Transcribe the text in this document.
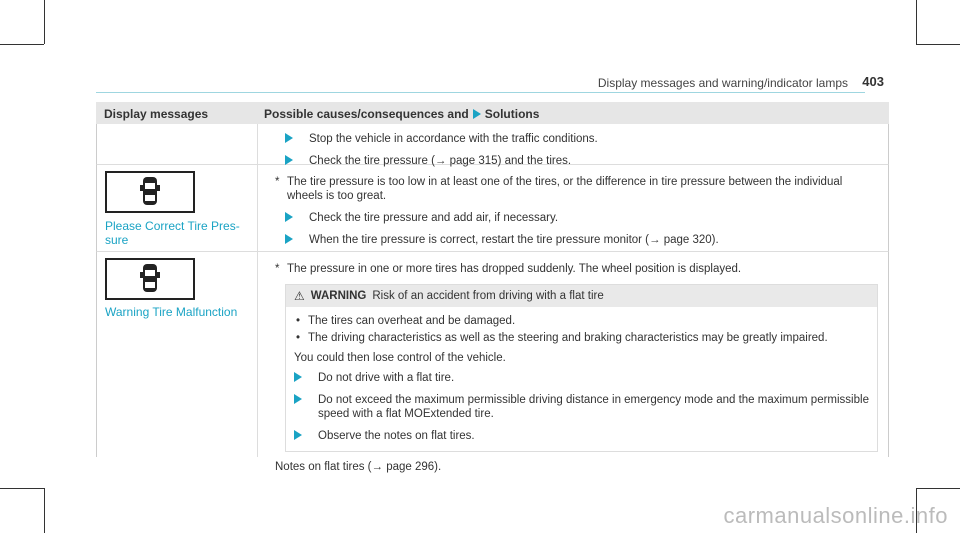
Display messages and warning/indicator lamps 403
Display messages	Possible causes/consequences and Solutions
Stop the vehicle in accordance with the traffic conditions.
Check the tire pressure (→ page 315) and the tires.
Please Correct Tire Pres-
sure
* The tire pressure is too low in at least one of the tires, or the difference in tire pressure between the individual wheels is too great.
Check the tire pressure and add air, if necessary.
When the tire pressure is correct, restart the tire pressure monitor (→ page 320).
Warning Tire Malfunction
* The pressure in one or more tires has dropped suddenly. The wheel position is displayed.
⚠ WARNING Risk of an accident from driving with a flat tire
• The tires can overheat and be damaged.
• The driving characteristics as well as the steering and braking characteristics may be greatly impaired.
You could then lose control of the vehicle.
Do not drive with a flat tire.
Do not exceed the maximum permissible driving distance in emergency mode and the maximum permissible speed with a flat MOExtended tire.
Observe the notes on flat tires.
Notes on flat tires (→ page 296).
carmanualsonline.info
